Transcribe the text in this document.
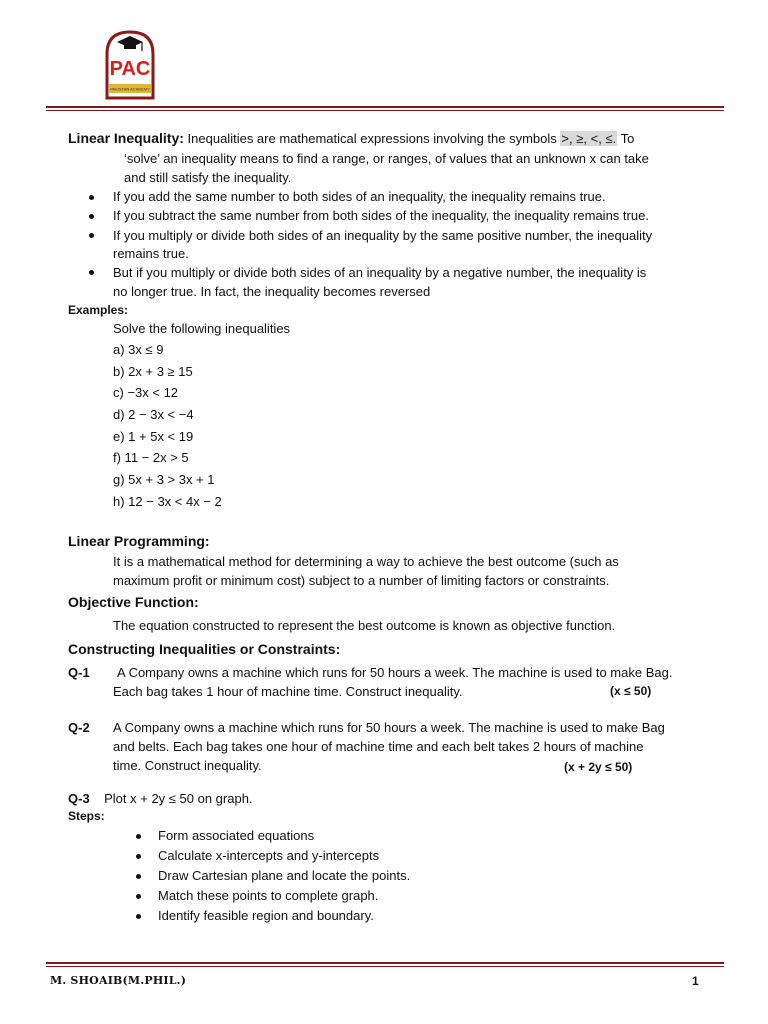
PAC
PAKISTAN ACADEMY
Linear Inequality: Inequalities are mathematical expressions involving the symbols >, ≥, <, ≤. To
‘solve’ an inequality means to find a range, or ranges, of values that an unknown x can take
and still satisfy the inequality.
If you add the same number to both sides of an inequality, the inequality remains true.
If you subtract the same number from both sides of the inequality, the inequality remains true.
If you multiply or divide both sides of an inequality by the same positive number, the inequality
remains true.
But if you multiply or divide both sides of an inequality by a negative number, the inequality is
no longer true. In fact, the inequality becomes reversed
Examples:
Solve the following inequalities
a) 3x ≤ 9
b) 2x + 3 ≥ 15
c) −3x < 12
d) 2 − 3x < −4
e) 1 + 5x < 19
f) 11 − 2x > 5
g) 5x + 3 > 3x + 1
h) 12 − 3x < 4x − 2
Linear Programming:
It is a mathematical method for determining a way to achieve the best outcome (such as
maximum profit or minimum cost) subject to a number of limiting factors or constraints.
Objective Function:
The equation constructed to represent the best outcome is known as objective function.
Constructing Inequalities or Constraints:
Q-1 A Company owns a machine which runs for 50 hours a week. The machine is used to make Bag.
Each bag takes 1 hour of machine time. Construct inequality.	(x ≤ 50)
Q-2 A Company owns a machine which runs for 50 hours a week. The machine is used to make Bag
and belts. Each bag takes one hour of machine time and each belt takes 2 hours of machine
time. Construct inequality.	(x + 2y ≤ 50)
Q-3 Plot x + 2y ≤ 50 on graph.
Steps:
Form associated equations
Calculate x-intercepts and y-intercepts
Draw Cartesian plane and locate the points.
Match these points to complete graph.
Identify feasible region and boundary.
M. SHOAIB(M.PHIL.)	1
